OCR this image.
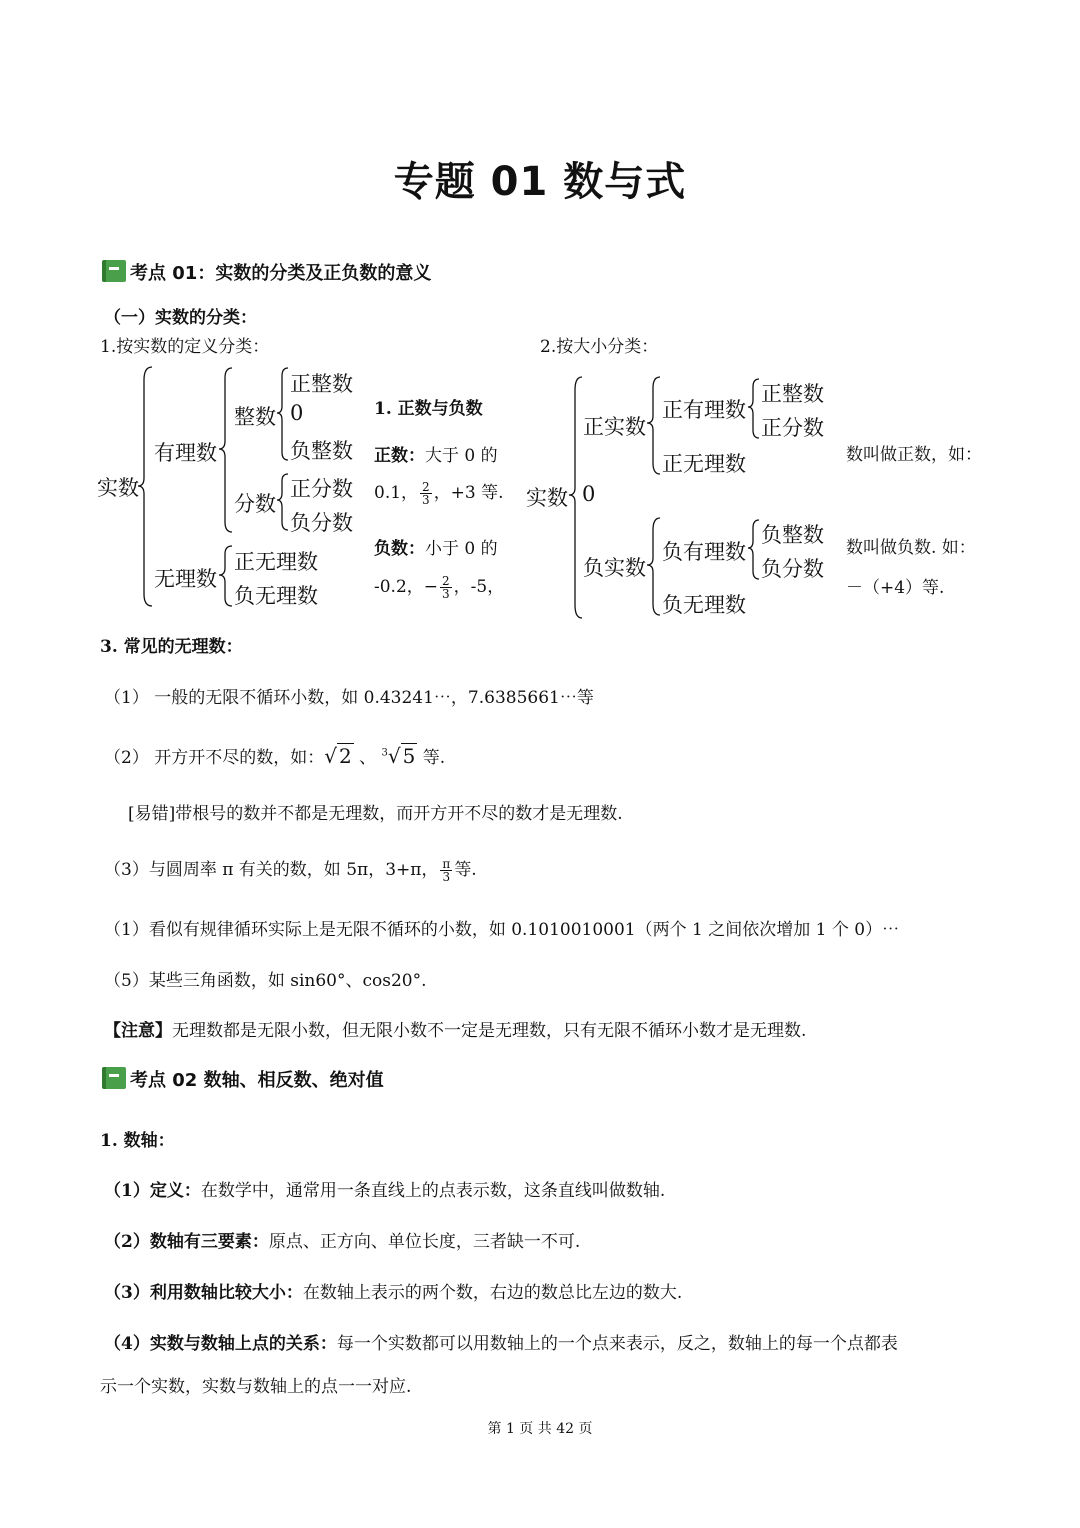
专题 01 数与式
考点 01：实数的分类及正负数的意义
（一）实数的分类：
1.按实数的定义分类：	2.按大小分类：
实数
有理数
无理数
整数
分数
正整数
0
负整数
正分数
负分数
正无理数
负无理数
1. 正数与负数
正数：大于 0 的
0.1， $\frac{2}{3}$ ，+3 等.
负数：小于 0 的
-0.2，− $\frac{2}{3}$ ，-5，
实数
正实数
0
负实数
正有理数
正无理数
正整数
正分数
负有理数
负无理数
负整数
负分数
数叫做正数，如：
数叫做负数. 如：
－（+4）等.
3. 常见的无理数：
（1） 一般的无限不循环小数，如 0.43241⋯，7.6385661⋯等
（2） 开方开不尽的数，如：√ 2 、 $^3$√ 5 等.
[易错]带根号的数并不都是无理数，而开方开不尽的数才是无理数.
（3）与圆周率 π 有关的数，如 5π，3+π， $\frac{\pi}{3}$ 等.
（1）看似有规律循环实际上是无限不循环的小数，如 0.1010010001（两个 1 之间依次增加 1 个 0）⋯
（5）某些三角函数，如 sin60°、cos20°.
【注意】无理数都是无限小数，但无限小数不一定是无理数，只有无限不循环小数才是无理数.
考点 02 数轴、相反数、绝对值
1. 数轴：
（1）定义：在数学中，通常用一条直线上的点表示数，这条直线叫做数轴.
（2）数轴有三要素：原点、正方向、单位长度，三者缺一不可.
（3）利用数轴比较大小：在数轴上表示的两个数，右边的数总比左边的数大.
（4）实数与数轴上点的关系：每一个实数都可以用数轴上的一个点来表示，反之，数轴上的每一个点都表
示一个实数，实数与数轴上的点一一对应.
第 1 页 共 42 页
